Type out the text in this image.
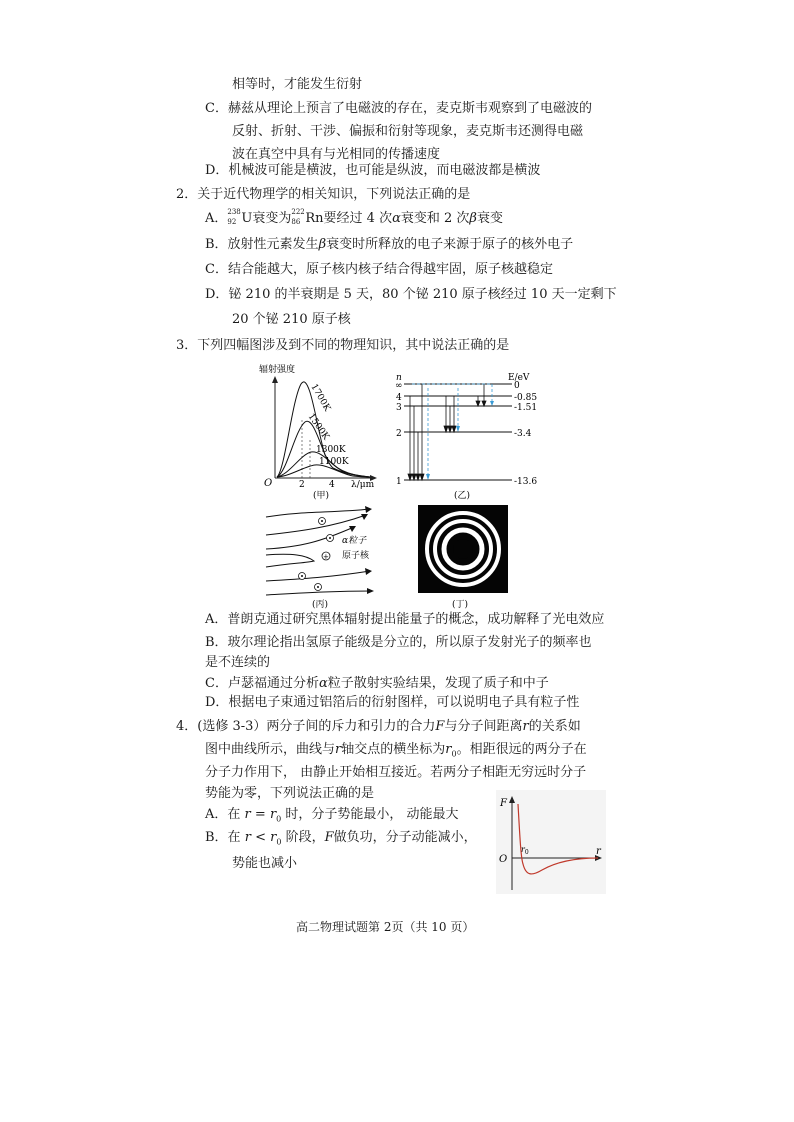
相等时，才能发生衍射
C．赫兹从理论上预言了电磁波的存在，麦克斯韦观察到了电磁波的
反射、折射、干涉、偏振和衍射等现象，麦克斯韦还测得电磁
波在真空中具有与光相同的传播速度
D．机械波可能是横波，也可能是纵波，而电磁波都是横波
2．关于近代物理学的相关知识，下列说法正确的是
A． 238
92 U衰变为 222
86 Rn要经过 4 次α衰变和 2 次β衰变
B．放射性元素发生β衰变时所释放的电子来源于原子的核外电子
C．结合能越大，原子核内核子结合得越牢固，原子核越稳定
D．铋 210 的半衰期是 5 天，80 个铋 210 原子核经过 10 天一定剩下
20 个铋 210 原子核
3．下列四幅图涉及到不同的物理知识，其中说法正确的是
辐射强度
1700K
1500K
1300K
1100K
O	2	4 λ/μm
(甲)
n	E/eV
∞
4
3
2
1
0
-0.85
-1.51
-3.4
-13.6
(乙)
+
α粒子
原子核
(丙)	(丁)
A．普朗克通过研究黑体辐射提出能量子的概念，成功解释了光电效应
B．玻尔理论指出氢原子能级是分立的，所以原子发射光子的频率也
是不连续的
C．卢瑟福通过分析α粒子散射实验结果，发现了质子和中子
D．根据电子束通过铝箔后的衍射图样，可以说明电子具有粒子性
4．(选修 3-3）两分子间的斥力和引力的合力F与分子间距离r的关系如
图中曲线所示，曲线与r轴交点的横坐标为$r_0$。相距很远的两分子在
分子力作用下， 由静止开始相互接近。若两分子相距无穷远时分子
势能为零，下列说法正确的是
A．在 $r = r_0$ 时，分子势能最小， 动能最大
B．在 $r < r_0$ 阶段，F做负功，分子动能减小，
势能也减小
F
O
r
$r_0$
高二物理试题第 2页（共 10 页）
